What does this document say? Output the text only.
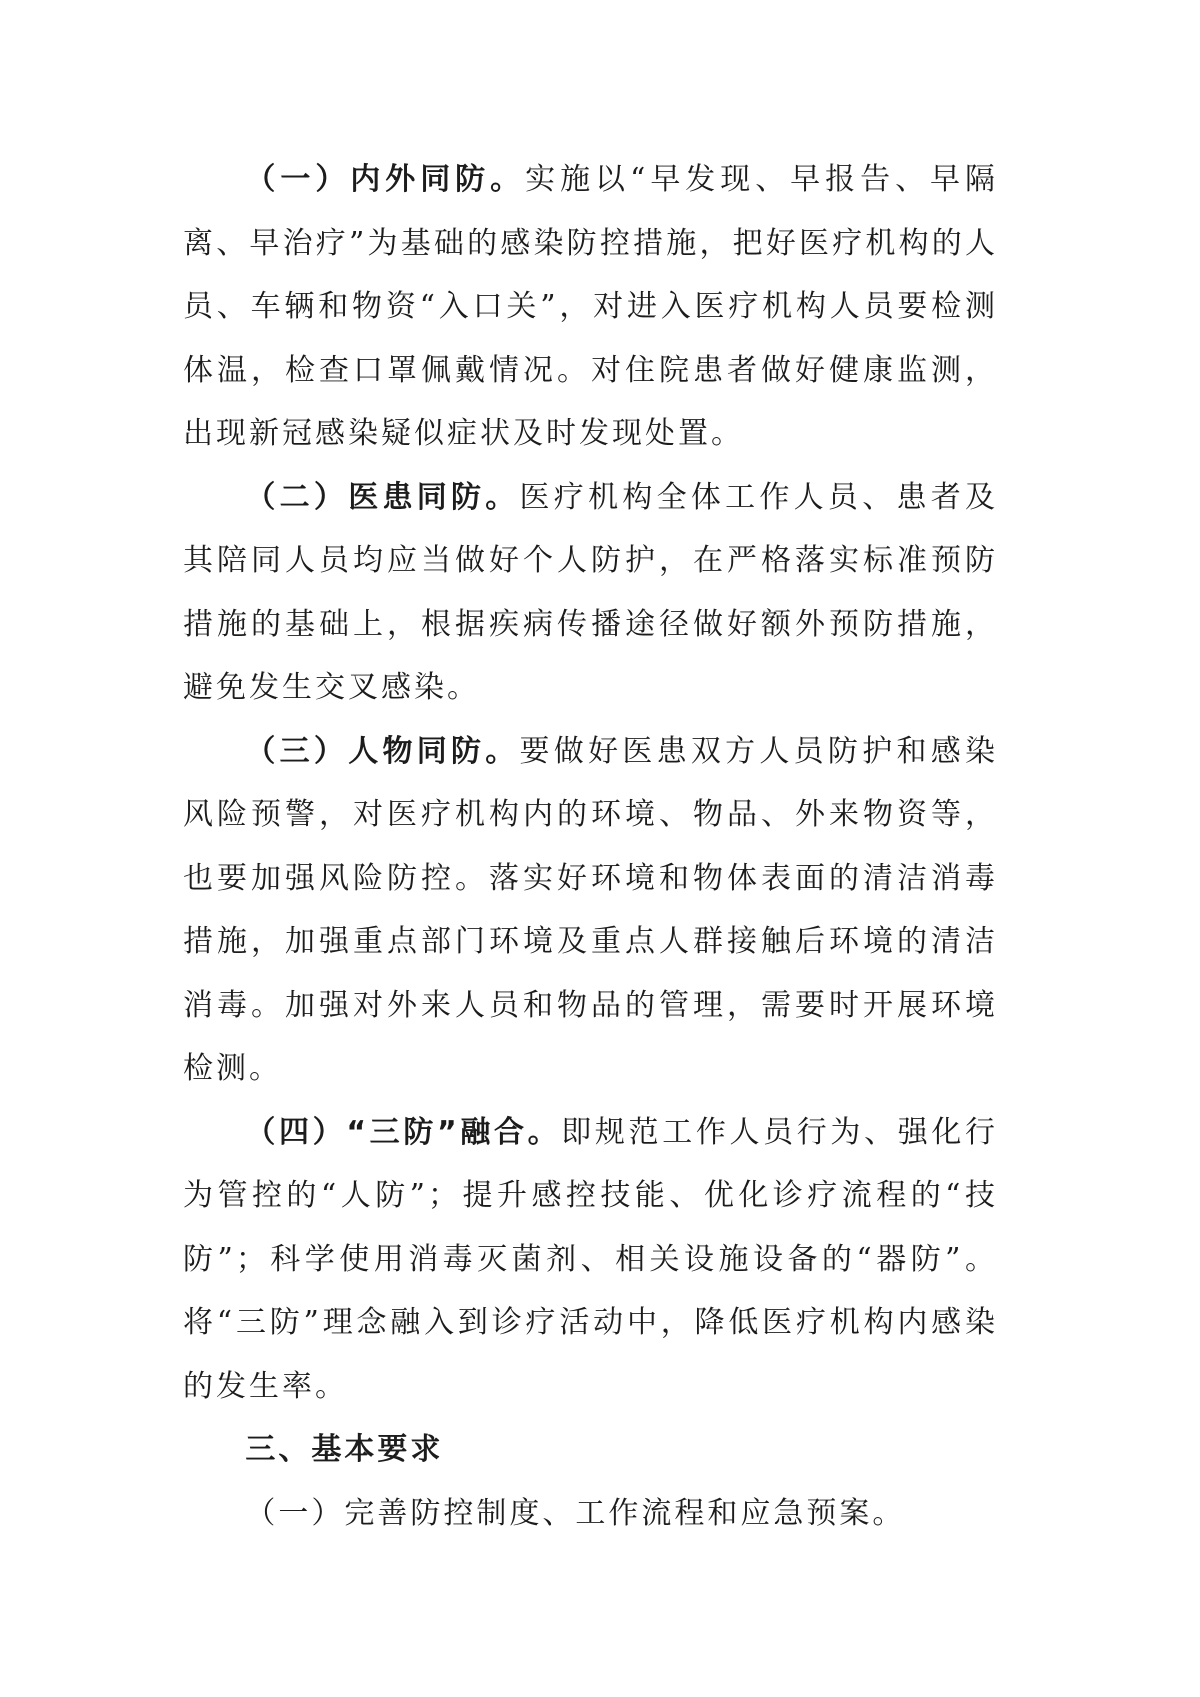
（一）内外同防。实施以“早发现、早报告、早隔离、早治疗”为基础的感染防控措施，把好医疗机构的人员、车辆和物资“入口关”，对进入医疗机构人员要检测体温，检查口罩佩戴情况。对住院患者做好健康监测，出现新冠感染疑似症状及时发现处置。

（二）医患同防。医疗机构全体工作人员、患者及其陪同人员均应当做好个人防护，在严格落实标准预防措施的基础上，根据疾病传播途径做好额外预防措施，避免发生交叉感染。

（三）人物同防。要做好医患双方人员防护和感染风险预警，对医疗机构内的环境、物品、外来物资等，也要加强风险防控。落实好环境和物体表面的清洁消毒措施，加强重点部门环境及重点人群接触后环境的清洁消毒。加强对外来人员和物品的管理，需要时开展环境检测。

（四）“三防”融合。即规范工作人员行为、强化行为管控的“人防”；提升感控技能、优化诊疗流程的“技防”；科学使用消毒灭菌剂、相关设施设备的“器防”。将“三防”理念融入到诊疗活动中，降低医疗机构内感染的发生率。

三、基本要求

（一）完善防控制度、工作流程和应急预案。
